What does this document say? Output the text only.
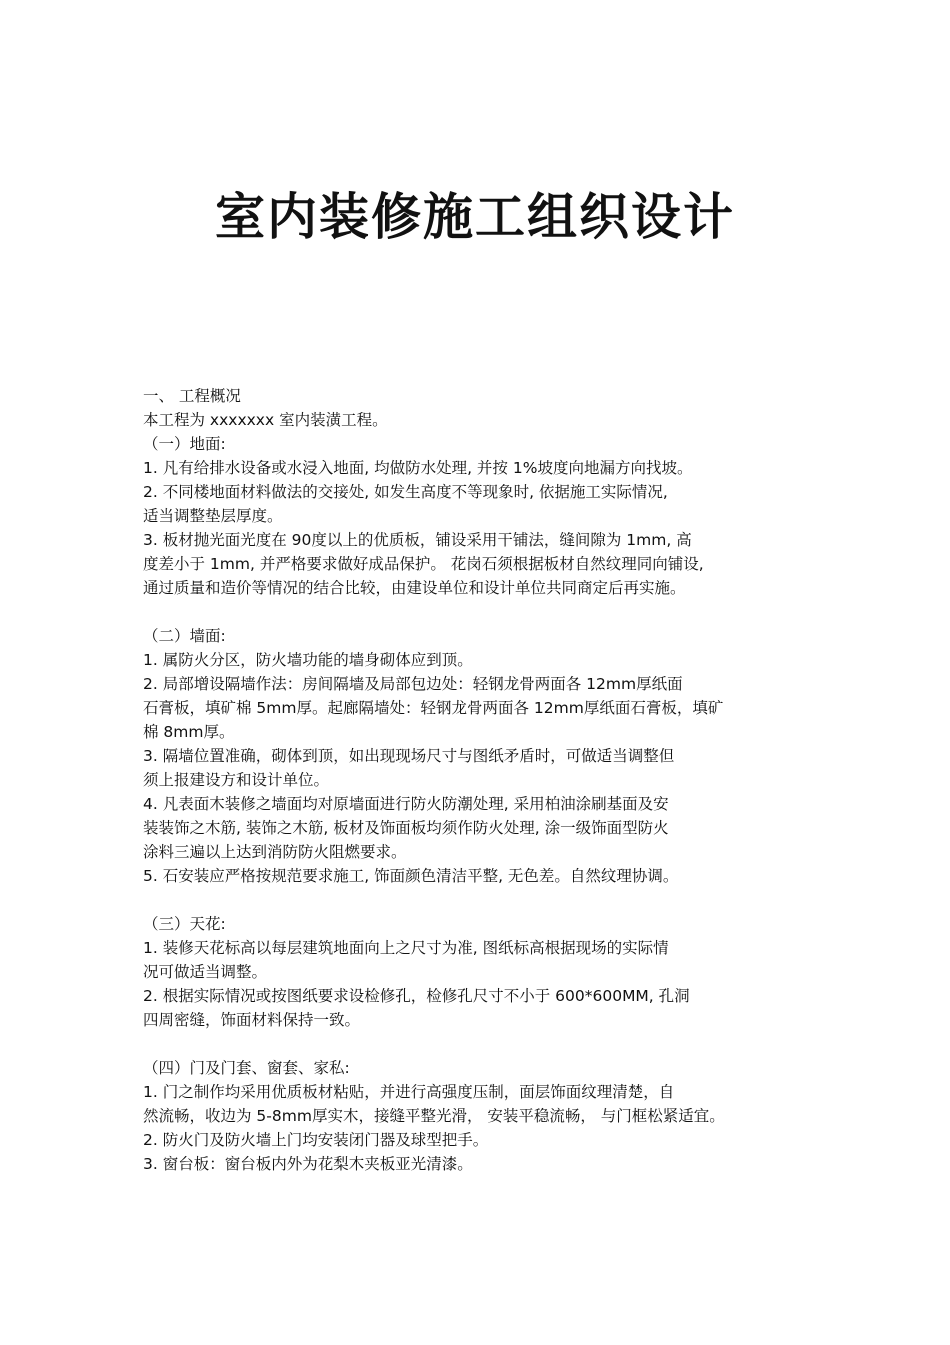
室内装修施工组织设计

一、 工程概况

本工程为 xxxxxxx 室内装潢工程。

（一）地面:

1. 凡有给排水设备或水浸入地面, 均做防水处理, 并按 1%坡度向地漏方向找坡。

2. 不同楼地面材料做法的交接处, 如发生高度不等现象时, 依据施工实际情况,

适当调整垫层厚度。

3. 板材抛光面光度在 90度以上的优质板，铺设采用干铺法，缝间隙为 1mm, 高

度差小于 1mm, 并严格要求做好成品保护。 花岗石须根据板材自然纹理同向铺设,

通过质量和造价等情况的结合比较，由建设单位和设计单位共同商定后再实施。

（二）墙面:

1. 属防火分区，防火墙功能的墙身砌体应到顶。

2. 局部增设隔墙作法：房间隔墙及局部包边处：轻钢龙骨两面各 12mm厚纸面

石膏板，填矿棉 5mm厚。起廊隔墙处：轻钢龙骨两面各 12mm厚纸面石膏板，填矿

棉 8mm厚。

3. 隔墙位置准确，砌体到顶，如出现现场尺寸与图纸矛盾时，可做适当调整但

须上报建设方和设计单位。

4. 凡表面木装修之墙面均对原墙面进行防火防潮处理, 采用柏油涂刷基面及安

装装饰之木筋, 装饰之木筋, 板材及饰面板均须作防火处理, 涂一级饰面型防火

涂料三遍以上达到消防防火阻燃要求。

5. 石安装应严格按规范要求施工, 饰面颜色清洁平整, 无色差。自然纹理协调。

（三）天花:

1. 装修天花标高以每层建筑地面向上之尺寸为准, 图纸标高根据现场的实际情

况可做适当调整。

2. 根据实际情况或按图纸要求设检修孔，检修孔尺寸不小于 600*600MM, 孔洞

四周密缝，饰面材料保持一致。

（四）门及门套、窗套、家私:

1. 门之制作均采用优质板材粘贴，并进行高强度压制，面层饰面纹理清楚，自

然流畅，收边为 5-8mm厚实木，接缝平整光滑， 安装平稳流畅， 与门框松紧适宜。

2. 防火门及防火墙上门均安装闭门器及球型把手。

3. 窗台板：窗台板内外为花梨木夹板亚光清漆。
